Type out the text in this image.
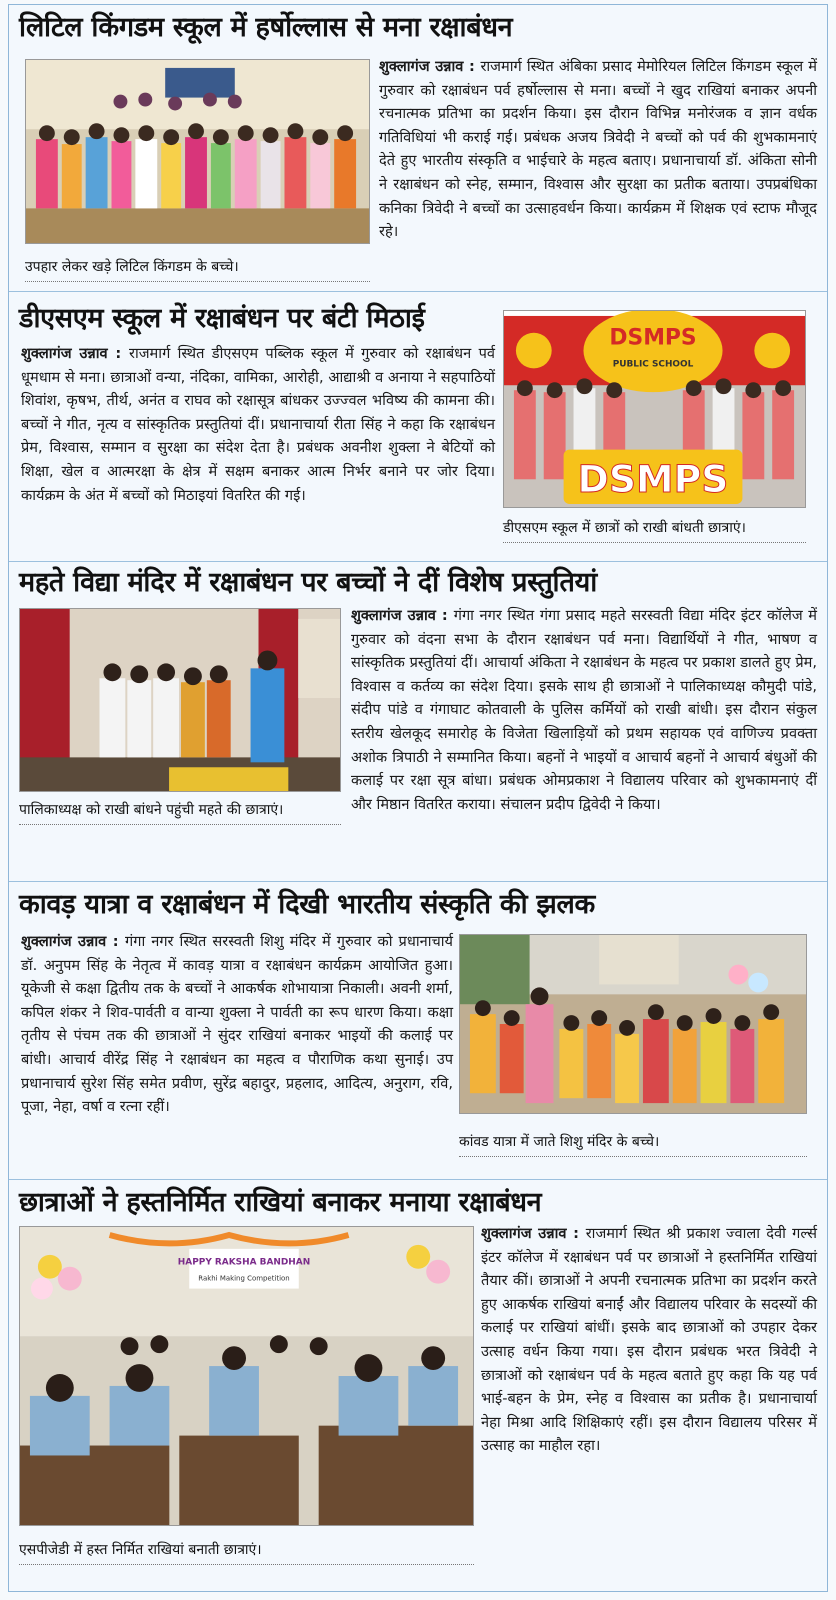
लिटिल किंगडम स्कूल में हर्षोल्लास से मना रक्षाबंधन
उपहार लेकर खड़े लिटिल किंगडम के बच्चे।

शुक्लागंज उन्नाव : राजमार्ग स्थित अंबिका प्रसाद मेमोरियल लिटिल किंगडम स्कूल में गुरुवार को रक्षाबंधन पर्व हर्षोल्लास से मना। बच्चों ने खुद राखियां बनाकर अपनी रचनात्मक प्रतिभा का प्रदर्शन किया। इस दौरान विभिन्न मनोरंजक व ज्ञान वर्धक गतिविधियां भी कराई गई। प्रबंधक अजय त्रिवेदी ने बच्चों को पर्व की शुभकामनाएं देते हुए भारतीय संस्कृति व भाईचारे के महत्व बताए। प्रधानाचार्या डॉ. अंकिता सोनी ने रक्षाबंधन को स्नेह, सम्मान, विश्वास और सुरक्षा का प्रतीक बताया। उपप्रबंधिका कनिका त्रिवेदी ने बच्चों का उत्साहवर्धन किया। कार्यक्रम में शिक्षक एवं स्टाफ मौजूद रहे।

डीएसएम स्कूल में रक्षाबंधन पर बंटी मिठाई

शुक्लागंज उन्नाव : राजमार्ग स्थित डीएसएम पब्लिक स्कूल में गुरुवार को रक्षाबंधन पर्व धूमधाम से मना। छात्राओं वन्या, नंदिका, वामिका, आरोही, आद्याश्री व अनाया ने सहपाठियों शिवांश, कृषभ, तीर्थ, अनंत व राघव को रक्षासूत्र बांधकर उज्ज्वल भविष्य की कामना की। बच्चों ने गीत, नृत्य व सांस्कृतिक प्रस्तुतियां दीं। प्रधानाचार्या रीता सिंह ने कहा कि रक्षाबंधन प्रेम, विश्वास, सम्मान व सुरक्षा का संदेश देता है। प्रबंधक अवनीश शुक्ला ने बेटियों को शिक्षा, खेल व आत्मरक्षा के क्षेत्र में सक्षम बनाकर आत्म निर्भर बनाने पर जोर दिया। कार्यक्रम के अंत में बच्चों को मिठाइयां वितरित की गई।

DSMPS
PUBLIC SCHOOL
DSMPS
डीएसएम स्कूल में छात्रों को राखी बांधती छात्राएं।
महते विद्या मंदिर में रक्षाबंधन पर बच्चों ने दीं विशेष प्रस्तुतियां
पालिकाध्यक्ष को राखी बांधने पहुंची महते की छात्राएं।

शुक्लागंज उन्नाव : गंगा नगर स्थित गंगा प्रसाद महते सरस्वती विद्या मंदिर इंटर कॉलेज में गुरुवार को वंदना सभा के दौरान रक्षाबंधन पर्व मना। विद्यार्थियों ने गीत, भाषण व सांस्कृतिक प्रस्तुतियां दीं। आचार्या अंकिता ने रक्षाबंधन के महत्व पर प्रकाश डालते हुए प्रेम, विश्वास व कर्तव्य का संदेश दिया। इसके साथ ही छात्राओं ने पालिकाध्यक्ष कौमुदी पांडे, संदीप पांडे व गंगाघाट कोतवाली के पुलिस कर्मियों को राखी बांधी। इस दौरान संकुल स्तरीय खेलकूद समारोह के विजेता खिलाड़ियों को प्रथम सहायक एवं वाणिज्य प्रवक्ता अशोक त्रिपाठी ने सम्मानित किया। बहनों ने भाइयों व आचार्य बहनों ने आचार्य बंधुओं की कलाई पर रक्षा सूत्र बांधा। प्रबंधक ओमप्रकाश ने विद्यालय परिवार को शुभकामनाएं दीं और मिष्ठान वितरित कराया। संचालन प्रदीप द्विवेदी ने किया।

कावड़ यात्रा व रक्षाबंधन में दिखी भारतीय संस्कृति की झलक

शुक्लागंज उन्नाव : गंगा नगर स्थित सरस्वती शिशु मंदिर में गुरुवार को प्रधानाचार्य डॉ. अनुपम सिंह के नेतृत्व में कावड़ यात्रा व रक्षाबंधन कार्यक्रम आयोजित हुआ। यूकेजी से कक्षा द्वितीय तक के बच्चों ने आकर्षक शोभायात्रा निकाली। अवनी शर्मा, कपिल शंकर ने शिव-पार्वती व वान्या शुक्ला ने पार्वती का रूप धारण किया। कक्षा तृतीय से पंचम तक की छात्राओं ने सुंदर राखियां बनाकर भाइयों की कलाई पर बांधी। आचार्य वीरेंद्र सिंह ने रक्षाबंधन का महत्व व पौराणिक कथा सुनाई। उप प्रधानाचार्य सुरेश सिंह समेत प्रवीण, सुरेंद्र बहादुर, प्रहलाद, आदित्य, अनुराग, रवि, पूजा, नेहा, वर्षा व रत्ना रहीं।

कांवड यात्रा में जाते शिशु मंदिर के बच्चे।
छात्राओं ने हस्तनिर्मित राखियां बनाकर मनाया रक्षाबंधन
HAPPY RAKSHA BANDHAN
Rakhi Making Competition
एसपीजेडी में हस्त निर्मित राखियां बनाती छात्राएं।

शुक्लागंज उन्नाव : राजमार्ग स्थित श्री प्रकाश ज्वाला देवी गर्ल्स इंटर कॉलेज में रक्षाबंधन पर्व पर छात्राओं ने हस्तनिर्मित राखियां तैयार कीं। छात्राओं ने अपनी रचनात्मक प्रतिभा का प्रदर्शन करते हुए आकर्षक राखियां बनाईं और विद्यालय परिवार के सदस्यों की कलाई पर राखियां बांधीं। इसके बाद छात्राओं को उपहार देकर उत्साह वर्धन किया गया। इस दौरान प्रबंधक भरत त्रिवेदी ने छात्राओं को रक्षाबंधन पर्व के महत्व बताते हुए कहा कि यह पर्व भाई-बहन के प्रेम, स्नेह व विश्वास का प्रतीक है। प्रधानाचार्या नेहा मिश्रा आदि शिक्षिकाएं रहीं। इस दौरान विद्यालय परिसर में उत्साह का माहौल रहा।
